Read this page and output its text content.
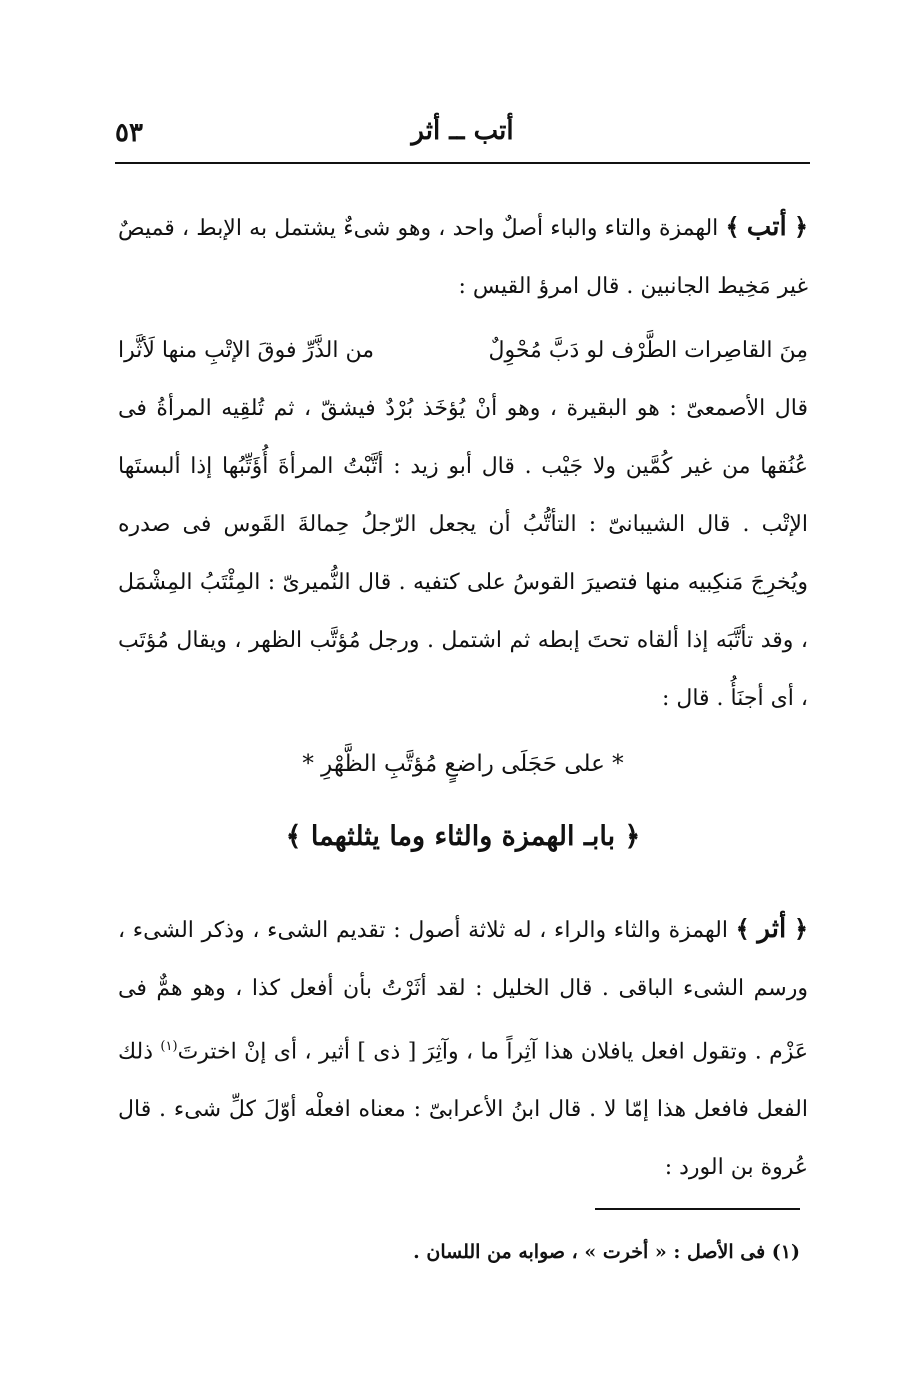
٥٣	أتب ــ أثر
﴿ أتب ﴾ الهمزة والتاء والباء أصلٌ واحد ، وهو شىءٌ يشتمل به الإبط ، قميصٌ غير مَخِيط الجانبين . قال امرؤ القيس :
مِنَ القاصِرات الطَّرْف لو دَبَّ مُحْوِلٌ
من الذَّرِّ فوقَ الإتْبِ منها لَأثَّرا
قال الأصمعىّ : هو البقيرة ، وهو أنْ يُؤخَذ بُرْدٌ فيشقّ ، ثم تُلقِيه المرأةُ فى عُنُقها من غير كُمَّين ولا جَيْب . قال أبو زيد : أتَّبْتُ المرأةَ أُؤَتِّبُها إذا ألبستَها الإتْب . قال الشيبانىّ : التأتُّبُ أن يجعل الرّجلُ حِمالةَ القَوس فى صدره ويُخرِجَ مَنكِبيه منها فتصيرَ القوسُ على كتفيه . قال النُّميرىّ : المِئْتَبُ المِشْمَل ، وقد تأتَّبَه إذا ألقاه تحتَ إبطه ثم اشتمل . ورجل مُؤتَّب الظهر ، ويقال مُؤتَب ، أى أجنَأُ . قال :
* على حَجَلَى راضعٍ مُؤتَّبِ الظَّهْرِ *
﴿ بابـ الهمزة والثاء وما يثلثهما ﴾
﴿ أثر ﴾ الهمزة والثاء والراء ، له ثلاثة أصول : تقديم الشىء ، وذكر الشىء ، ورسم الشىء الباقى . قال الخليل : لقد أثَرْتُ بأن أفعل كذا ، وهو همٌّ فى عَزْم . وتقول افعل يافلان هذا آثِراً ما ، وآثِرَ [ ذى ] أثير ، أى إنْ اخترتَ$^{(١)}$ ذلك الفعل فافعل هذا إمّا لا . قال ابنُ الأعرابىّ : معناه افعلْه أوّلَ كلِّ شىء . قال عُروة بن الورد :
(١) فى الأصل : « أخرت » ، صوابه من اللسان .
